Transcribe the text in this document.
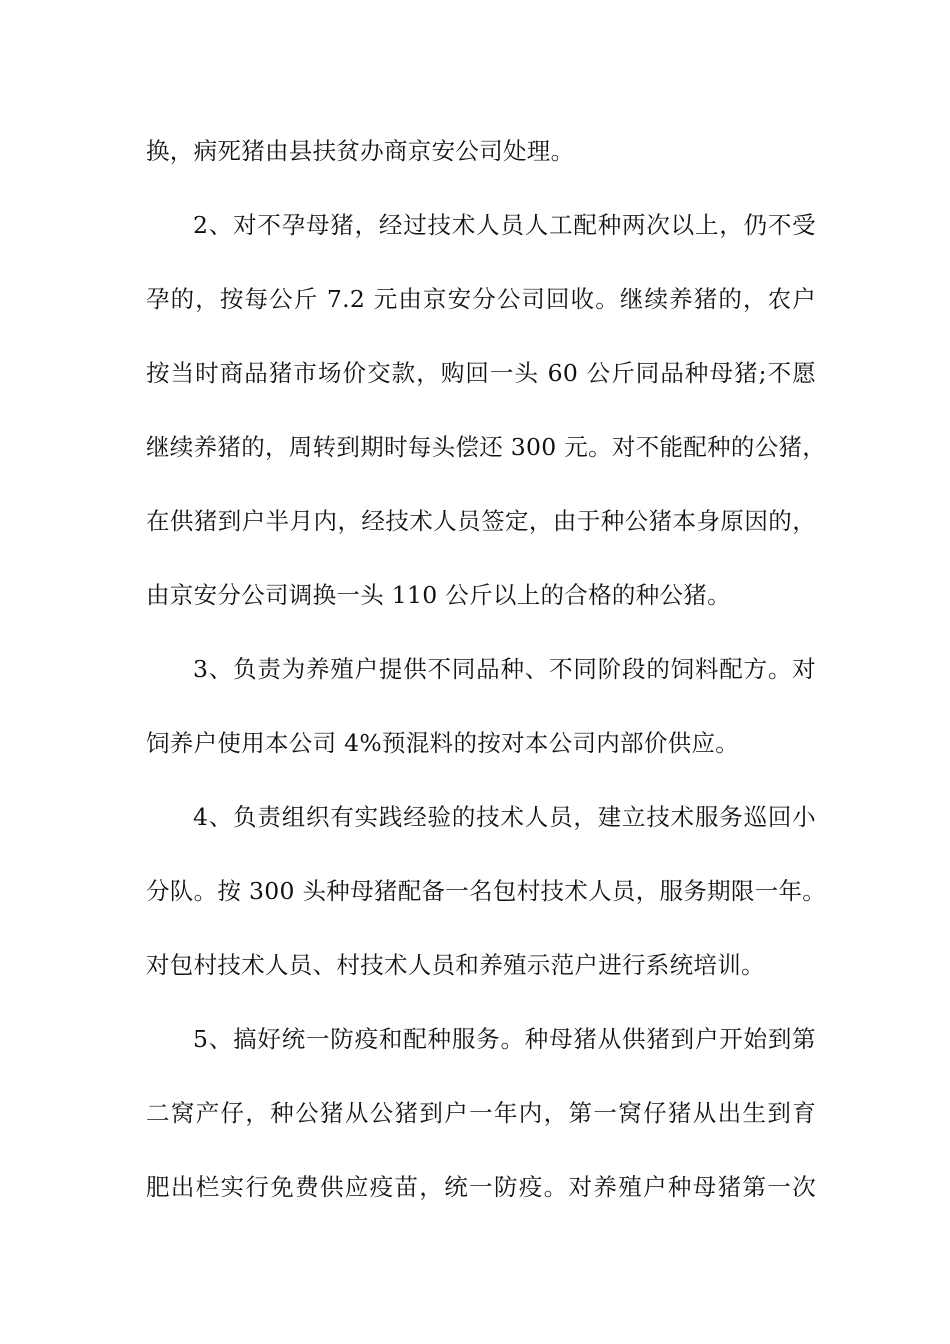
换，病死猪由县扶贫办商京安公司处理。
2、对不孕母猪，经过技术人员人工配种两次以上，仍不受
孕的，按每公斤 7.2 元由京安分公司回收。继续养猪的，农户
按当时商品猪市场价交款，购回一头 60 公斤同品种母猪;不愿
继续养猪的，周转到期时每头偿还 300 元。对不能配种的公猪，
在供猪到户半月内，经技术人员签定，由于种公猪本身原因的，
由京安分公司调换一头 110 公斤以上的合格的种公猪。
3、负责为养殖户提供不同品种、不同阶段的饲料配方。对
饲养户使用本公司 4%预混料的按对本公司内部价供应。
4、负责组织有实践经验的技术人员，建立技术服务巡回小
分队。按 300 头种母猪配备一名包村技术人员，服务期限一年。
对包村技术人员、村技术人员和养殖示范户进行系统培训。
5、搞好统一防疫和配种服务。种母猪从供猪到户开始到第
二窝产仔，种公猪从公猪到户一年内，第一窝仔猪从出生到育
肥出栏实行免费供应疫苗，统一防疫。对养殖户种母猪第一次
